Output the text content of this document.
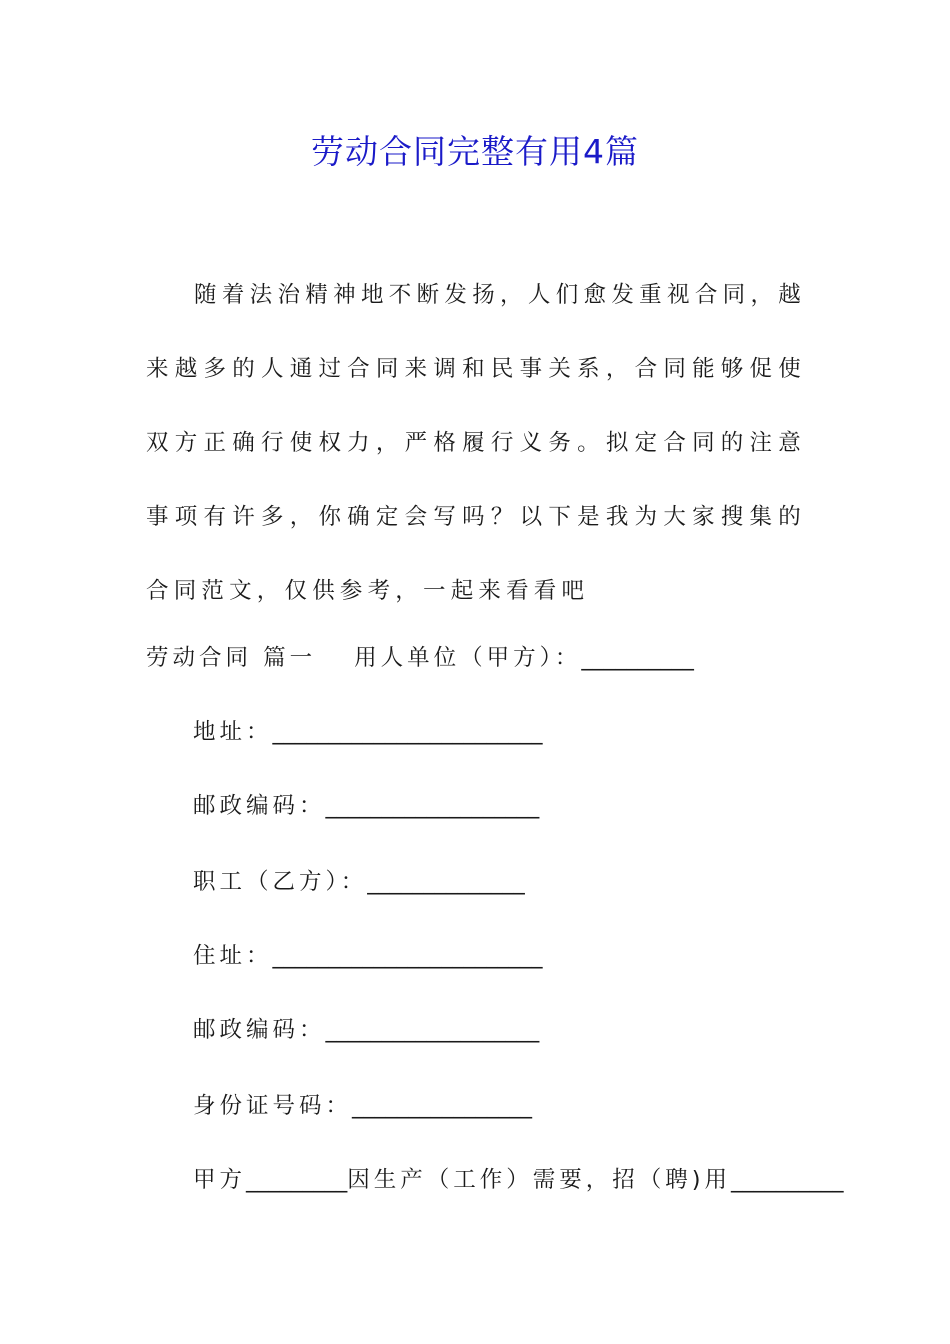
劳动合同完整有用4篇

随着法治精神地不断发扬，人们愈发重视合同，越来越多的人通过合同来调和民事关系，合同能够促使双方正确行使权力，严格履行义务。拟定合同的注意事项有许多，你确定会写吗？以下是我为大家搜集的合同范文，仅供参考，一起来看看吧

劳动合同 篇一 用人单位（甲方）：__________
地址：________________________
邮政编码：___________________
职工（乙方）：______________
住址：________________________
邮政编码：___________________
身份证号码：________________
甲方_________因生产（工作）需要，招（聘)用__________
